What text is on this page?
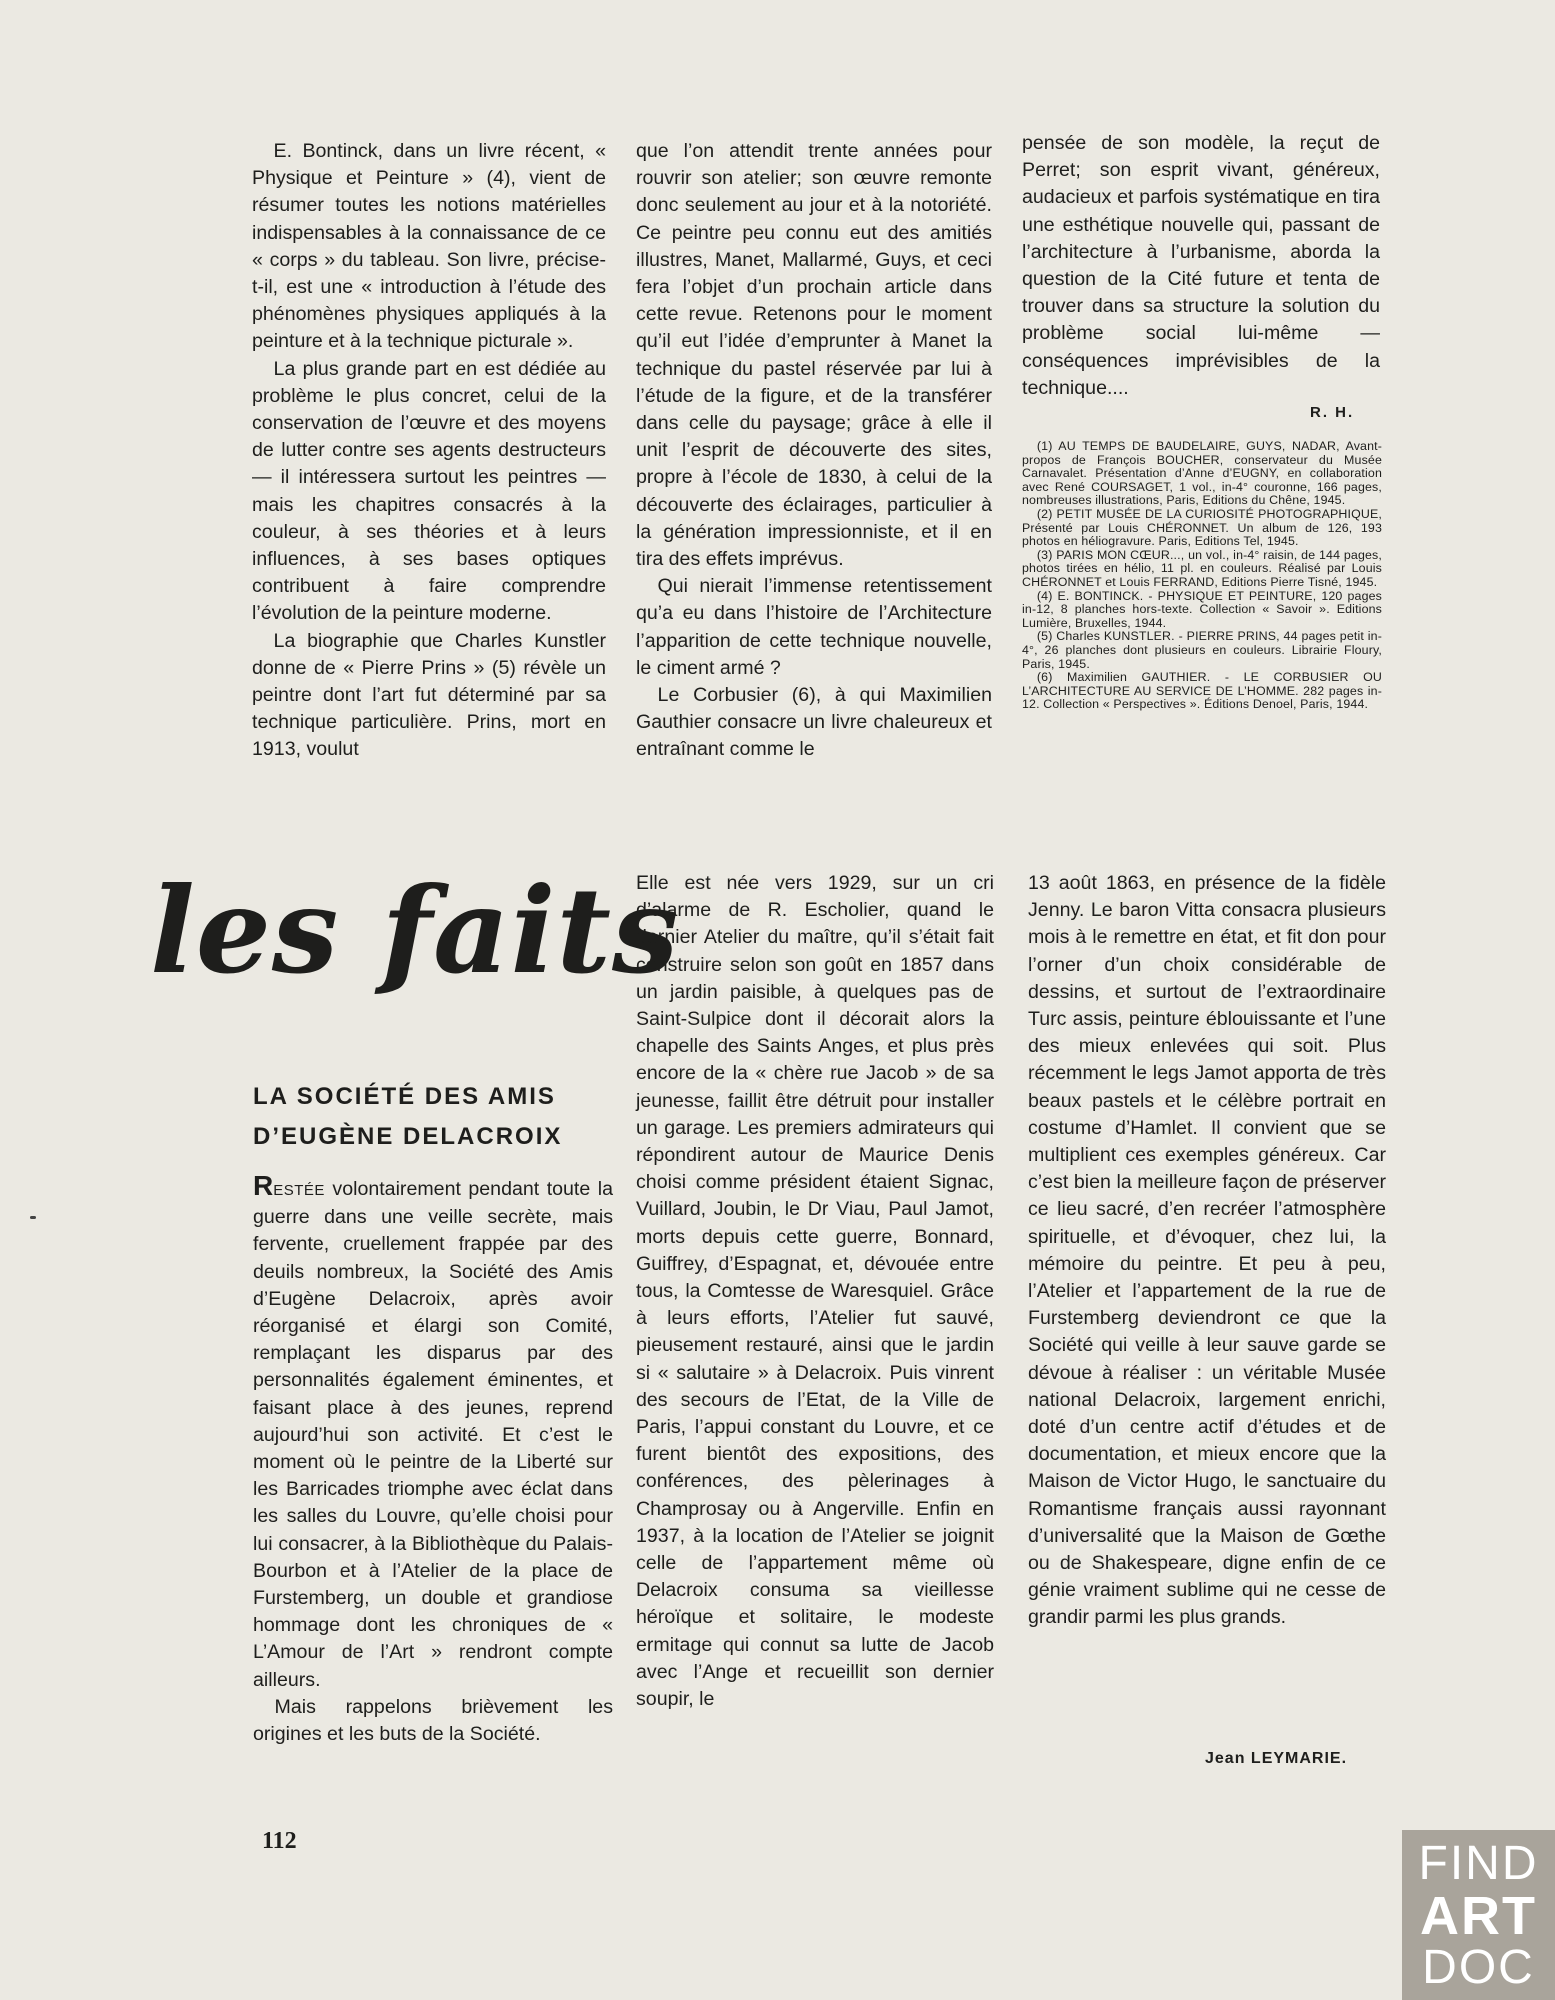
E. Bontinck, dans un livre récent, « Physique et Peinture » (4), vient de résumer toutes les notions matérielles indispensables à la connaissance de ce « corps » du tableau. Son livre, précise-t-il, est une « introduction à l’étude des phénomènes physiques appliqués à la peinture et à la technique picturale ».

La plus grande part en est dédiée au problème le plus concret, celui de la conservation de l’œuvre et des moyens de lutter contre ses agents destructeurs — il intéressera surtout les peintres — mais les chapitres consacrés à la couleur, à ses théories et à leurs influences, à ses bases optiques contribuent à faire comprendre l’évolution de la peinture moderne.

La biographie que Charles Kunstler donne de « Pierre Prins » (5) révèle un peintre dont l’art fut déterminé par sa technique particulière. Prins, mort en 1913, voulut

que l’on attendit trente années pour rouvrir son atelier; son œuvre remonte donc seulement au jour et à la notoriété. Ce peintre peu connu eut des amitiés illustres, Manet, Mallarmé, Guys, et ceci fera l’objet d’un prochain article dans cette revue. Retenons pour le moment qu’il eut l’idée d’emprunter à Manet la technique du pastel réservée par lui à l’étude de la figure, et de la transférer dans celle du paysage; grâce à elle il unit l’esprit de découverte des sites, propre à l’école de 1830, à celui de la découverte des éclairages, particulier à la génération impressionniste, et il en tira des effets imprévus.

Qui nierait l’immense retentissement qu’a eu dans l’histoire de l’Architecture l’apparition de cette technique nouvelle, le ciment armé ?

Le Corbusier (6), à qui Maximilien Gauthier consacre un livre chaleureux et entraînant comme le

pensée de son modèle, la reçut de Perret; son esprit vivant, généreux, audacieux et parfois systématique en tira une esthétique nouvelle qui, passant de l’architecture à l’urbanisme, aborda la question de la Cité future et tenta de trouver dans sa structure la solution du problème social lui-même — conséquences imprévisibles de la technique....

R. H.

(1) AU TEMPS DE BAUDELAIRE, GUYS, NADAR, Avant-propos de François BOUCHER, conservateur du Musée Carnavalet. Présentation d’Anne d’EUGNY, en collaboration avec René COURSAGET, 1 vol., in-4° couronne, 166 pages, nombreuses illustrations, Paris, Editions du Chêne, 1945.

(2) PETIT MUSÉE DE LA CURIOSITÉ PHOTOGRAPHIQUE, Présenté par Louis CHÉRONNET. Un album de 126, 193 photos en héliogravure. Paris, Editions Tel, 1945.

(3) PARIS MON CŒUR..., un vol., in-4° raisin, de 144 pages, photos tirées en hélio, 11 pl. en couleurs. Réalisé par Louis CHÉRONNET et Louis FERRAND, Editions Pierre Tisné, 1945.

(4) E. BONTINCK. - PHYSIQUE ET PEINTURE, 120 pages in-12, 8 planches hors-texte. Collection « Savoir ». Editions Lumière, Bruxelles, 1944.

(5) Charles KUNSTLER. - PIERRE PRINS, 44 pages petit in-4°, 26 planches dont plusieurs en couleurs. Librairie Floury, Paris, 1945.

(6) Maximilien GAUTHIER. - LE CORBUSIER OU L’ARCHITECTURE AU SERVICE DE L’HOMME. 282 pages in-12. Collection « Perspectives ». Éditions Denoel, Paris, 1944.

les faits
LA SOCIÉTÉ DES AMIS
D’EUGÈNE DELACROIX

RESTÉE volontairement pendant toute la guerre dans une veille secrète, mais fervente, cruellement frappée par des deuils nombreux, la Société des Amis d’Eugène Delacroix, après avoir réorganisé et élargi son Comité, remplaçant les disparus par des personnalités également éminentes, et faisant place à des jeunes, reprend aujourd’hui son activité. Et c’est le moment où le peintre de la Liberté sur les Barricades triomphe avec éclat dans les salles du Louvre, qu’elle choisi pour lui consacrer, à la Bibliothèque du Palais-Bourbon et à l’Atelier de la place de Furstemberg, un double et grandiose hommage dont les chroniques de « L’Amour de l’Art » rendront compte ailleurs.

Mais rappelons brièvement les origines et les buts de la Société.

Elle est née vers 1929, sur un cri d’alarme de R. Escholier, quand le dernier Atelier du maître, qu’il s’était fait construire selon son goût en 1857 dans un jardin paisible, à quelques pas de Saint-Sulpice dont il décorait alors la chapelle des Saints Anges, et plus près encore de la « chère rue Jacob » de sa jeunesse, faillit être détruit pour installer un garage. Les premiers admirateurs qui répondirent autour de Maurice Denis choisi comme président étaient Signac, Vuillard, Joubin, le Dr Viau, Paul Jamot, morts depuis cette guerre, Bonnard, Guiffrey, d’Espagnat, et, dévouée entre tous, la Comtesse de Waresquiel. Grâce à leurs efforts, l’Atelier fut sauvé, pieusement restauré, ainsi que le jardin si « salutaire » à Delacroix. Puis vinrent des secours de l’Etat, de la Ville de Paris, l’appui constant du Louvre, et ce furent bientôt des expositions, des conférences, des pèlerinages à Champrosay ou à Angerville. Enfin en 1937, à la location de l’Atelier se joignit celle de l’appartement même où Delacroix consuma sa vieillesse héroïque et solitaire, le modeste ermitage qui connut sa lutte de Jacob avec l’Ange et recueillit son dernier soupir, le

13 août 1863, en présence de la fidèle Jenny. Le baron Vitta consacra plusieurs mois à le remettre en état, et fit don pour l’orner d’un choix considérable de dessins, et surtout de l’extraordinaire Turc assis, peinture éblouissante et l’une des mieux enlevées qui soit. Plus récemment le legs Jamot apporta de très beaux pastels et le célèbre portrait en costume d’Hamlet. Il convient que se multiplient ces exemples généreux. Car c’est bien la meilleure façon de préserver ce lieu sacré, d’en recréer l’atmosphère spirituelle, et d’évoquer, chez lui, la mémoire du peintre. Et peu à peu, l’Atelier et l’appartement de la rue de Furstemberg deviendront ce que la Société qui veille à leur sauve garde se dévoue à réaliser : un véritable Musée national Delacroix, largement enrichi, doté d’un centre actif d’études et de documentation, et mieux encore que la Maison de Victor Hugo, le sanctuaire du Romantisme français aussi rayonnant d’universalité que la Maison de Gœthe ou de Shakespeare, digne enfin de ce génie vraiment sublime qui ne cesse de grandir parmi les plus grands.

Jean LEYMARIE.
112	FIND
ART
DOC
